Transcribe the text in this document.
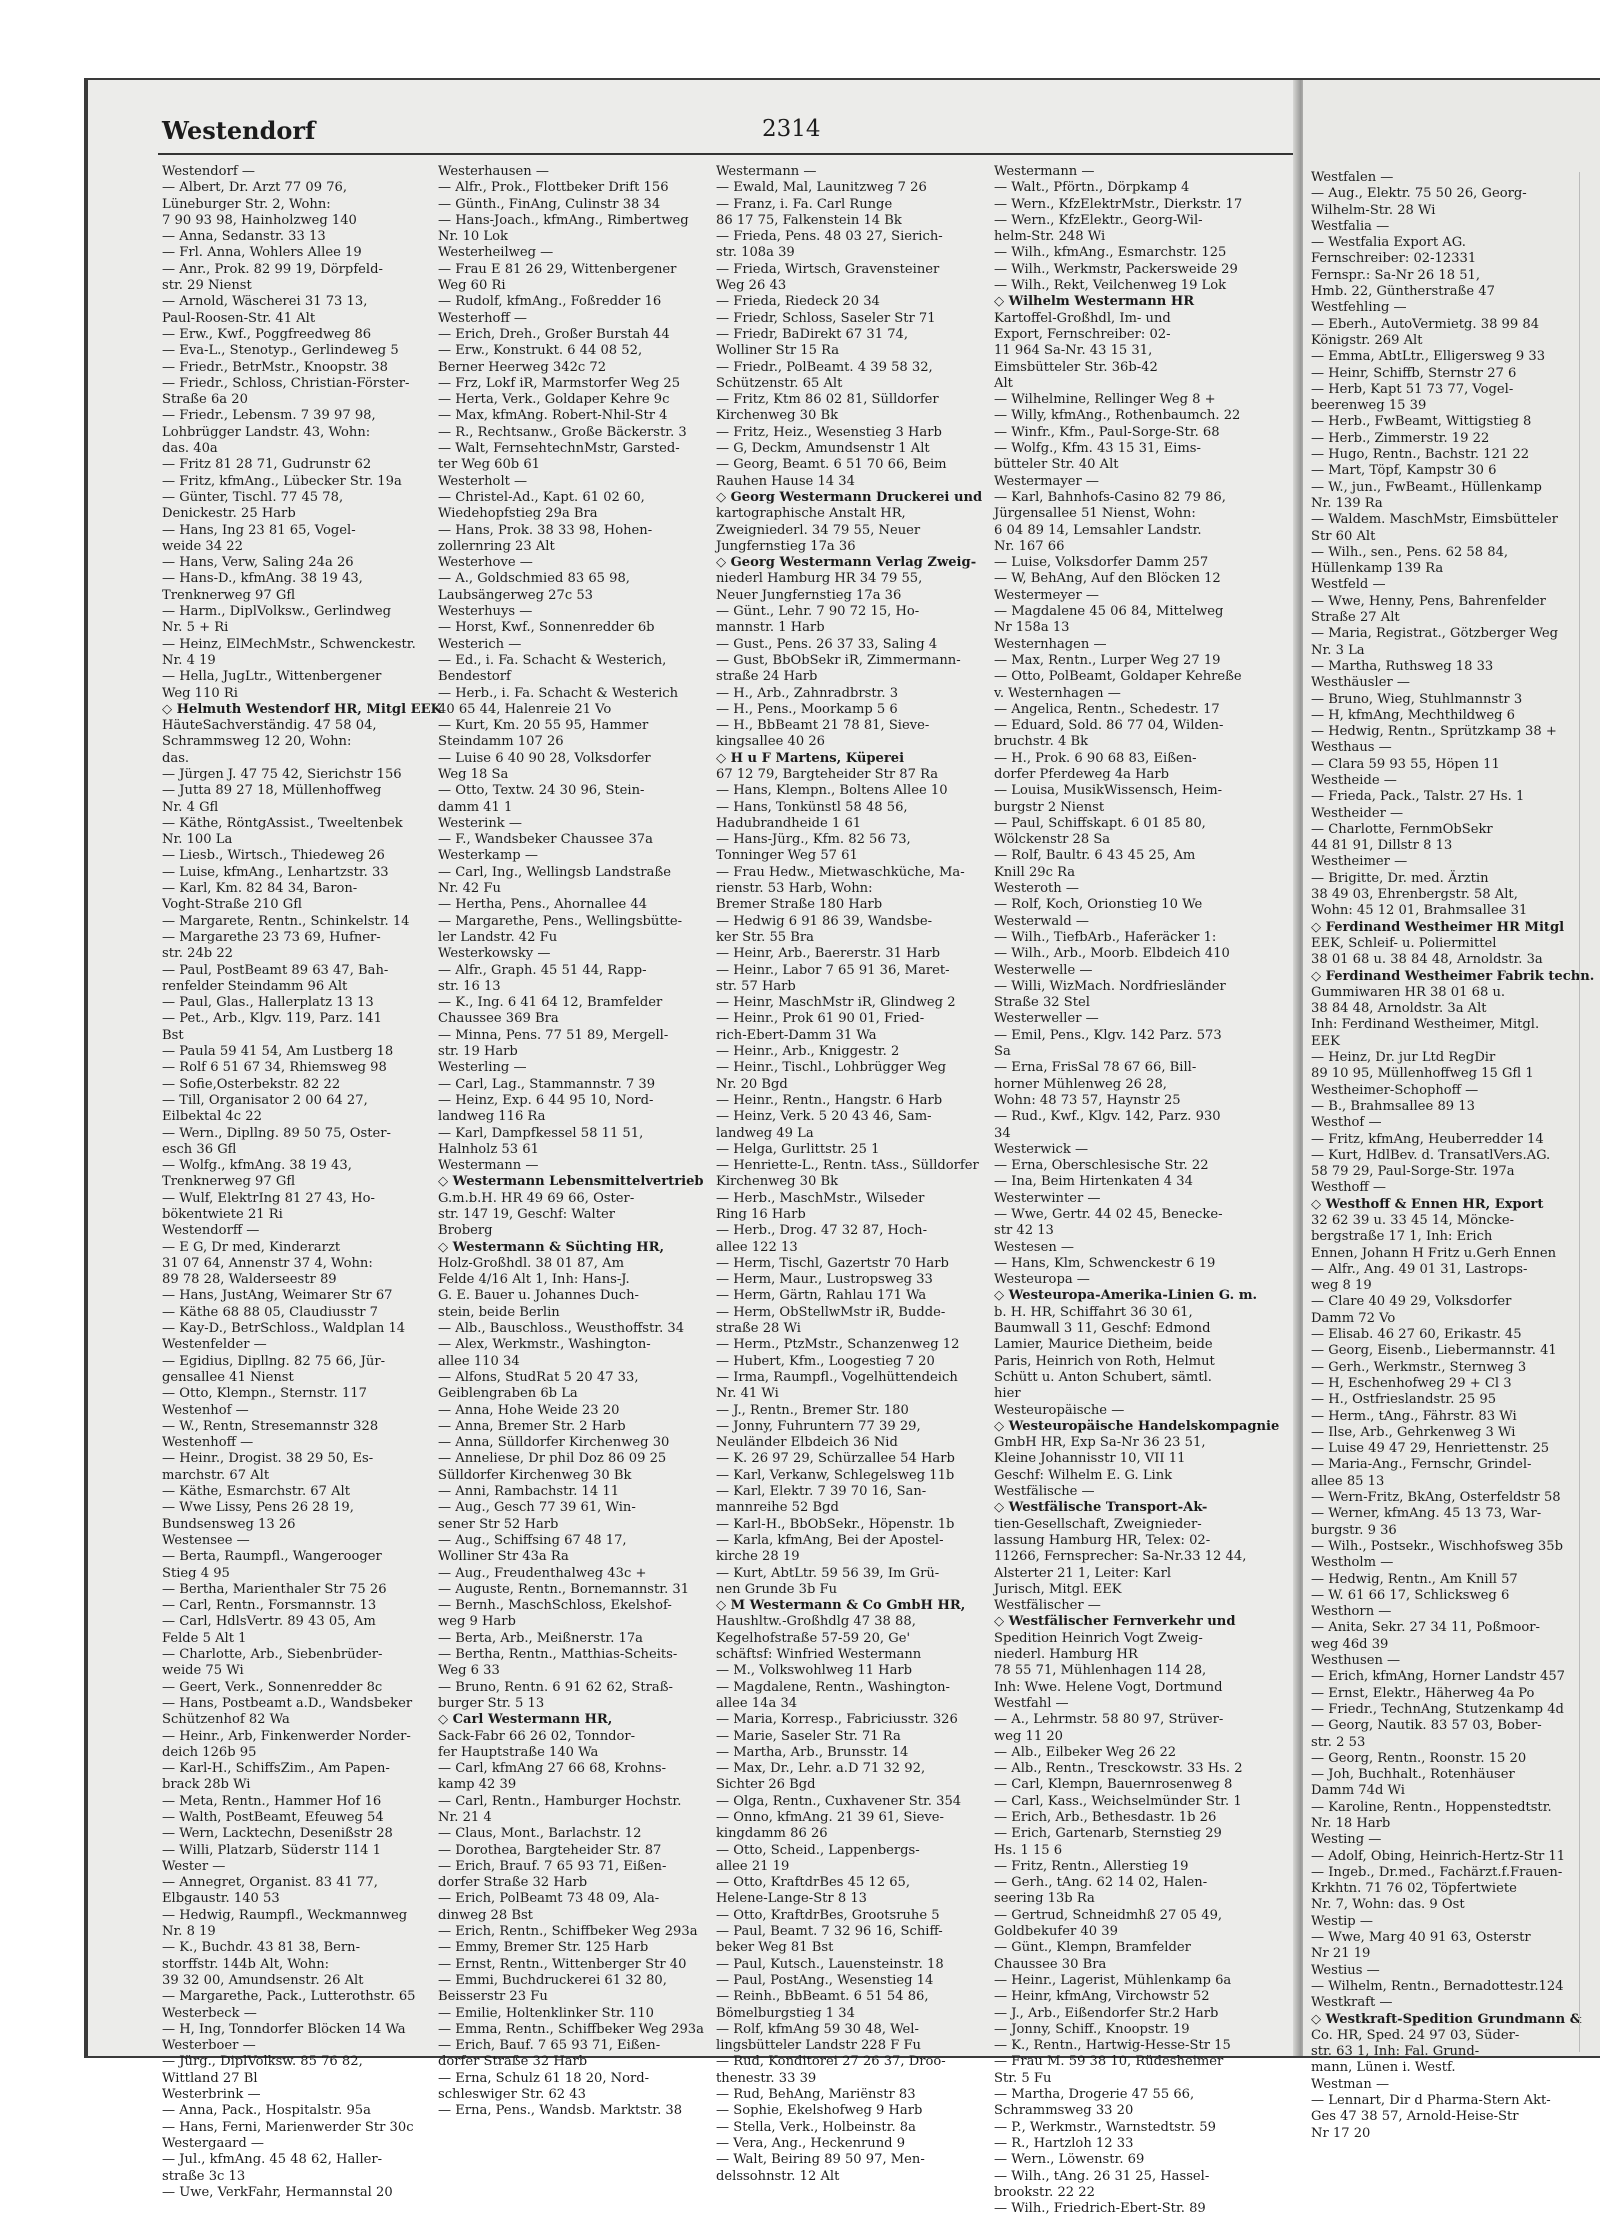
Westendorf	2314
Westendorf —
— Albert, Dr. Arzt 77 09 76,
Lüneburger Str. 2, Wohn:
7 90 93 98, Hainholzweg 140
— Anna, Sedanstr. 33 13
— Frl. Anna, Wohlers Allee 19
— Anr., Prok. 82 99 19, Dörpfeld-
str. 29 Nienst
— Arnold, Wäscherei 31 73 13,
Paul-Roosen-Str. 41 Alt
— Erw., Kwf., Poggfreedweg 86
— Eva-L., Stenotyp., Gerlindeweg 5
— Friedr., BetrMstr., Knoopstr. 38
— Friedr., Schloss, Christian-Förster-
Straße 6a 20
— Friedr., Lebensm. 7 39 97 98,
Lohbrügger Landstr. 43, Wohn:
das. 40a
— Fritz 81 28 71, Gudrunstr 62
— Fritz, kfmAng., Lübecker Str. 19a
— Günter, Tischl. 77 45 78,
Denickestr. 25 Harb
— Hans, Ing 23 81 65, Vogel-
weide 34 22
— Hans, Verw, Saling 24a 26
— Hans-D., kfmAng. 38 19 43,
Trenknerweg 97 Gfl
— Harm., DiplVolksw., Gerlindweg
Nr. 5 + Ri
— Heinz, ElMechMstr., Schwenckestr.
Nr. 4 19
— Hella, JugLtr., Wittenbergener
Weg 110 Ri
◇ Helmuth Westendorf HR, Mitgl EEK
HäuteSachverständig. 47 58 04,
Schrammsweg 12 20, Wohn:
das.
— Jürgen J. 47 75 42, Sierichstr 156
— Jutta 89 27 18, Müllenhoffweg
Nr. 4 Gfl
— Käthe, RöntgAssist., Tweeltenbek
Nr. 100 La
— Liesb., Wirtsch., Thiedeweg 26
— Luise, kfmAng., Lenhartzstr. 33
— Karl, Km. 82 84 34, Baron-
Voght-Straße 210 Gfl
— Margarete, Rentn., Schinkelstr. 14
— Margarethe 23 73 69, Hufner-
str. 24b 22
— Paul, PostBeamt 89 63 47, Bah-
renfelder Steindamm 96 Alt
— Paul, Glas., Hallerplatz 13 13
— Pet., Arb., Klgv. 119, Parz. 141
Bst
— Paula 59 41 54, Am Lustberg 18
— Rolf 6 51 67 34, Rhiemsweg 98
— Sofie,Osterbekstr. 82 22
— Till, Organisator 2 00 64 27,
Eilbektal 4c 22
— Wern., Dipllng. 89 50 75, Oster-
esch 36 Gfl
— Wolfg., kfmAng. 38 19 43,
Trenknerweg 97 Gfl
— Wulf, ElektrIng 81 27 43, Ho-
bökentwiete 21 Ri
Westendorff —
— E G, Dr med, Kinderarzt
31 07 64, Annenstr 37 4, Wohn:
89 78 28, Walderseestr 89
— Hans, JustAng, Weimarer Str 67
— Käthe 68 88 05, Claudiusstr 7
— Kay-D., BetrSchloss., Waldplan 14
Westenfelder —
— Egidius, Dipllng. 82 75 66, Jür-
gensallee 41 Nienst
— Otto, Klempn., Sternstr. 117
Westenhof —
— W., Rentn, Stresemannstr 328
Westenhoff —
— Heinr., Drogist. 38 29 50, Es-
marchstr. 67 Alt
— Käthe, Esmarchstr. 67 Alt
— Wwe Lissy, Pens 26 28 19,
Bundsensweg 13 26
Westensee —
— Berta, Raumpfl., Wangerooger
Stieg 4 95
— Bertha, Marienthaler Str 75 26
— Carl, Rentn., Forsmannstr. 13
— Carl, HdlsVertr. 89 43 05, Am
Felde 5 Alt 1
— Charlotte, Arb., Siebenbrüder-
weide 75 Wi
— Geert, Verk., Sonnenredder 8c
— Hans, Postbeamt a.D., Wandsbeker
Schützenhof 82 Wa
— Heinr., Arb, Finkenwerder Norder-
deich 126b 95
— Karl-H., SchiffsZim., Am Papen-
brack 28b Wi
— Meta, Rentn., Hammer Hof 16
— Walth, PostBeamt, Efeuweg 54
— Wern, Lacktechn, Desenißstr 28
— Willi, Platzarb, Süderstr 114 1
Wester —
— Annegret, Organist. 83 41 77,
Elbgaustr. 140 53
— Hedwig, Raumpfl., Weckmannweg
Nr. 8 19
— K., Buchdr. 43 81 38, Bern-
storffstr. 144b Alt, Wohn:
39 32 00, Amundsenstr. 26 Alt
— Margarethe, Pack., Lutterothstr. 65
Westerbeck —
— H, Ing, Tonndorfer Blöcken 14 Wa
Westerboer —
— Jürg., DiplVolksw. 85 76 82,
Wittland 27 Bl
Westerbrink —
— Anna, Pack., Hospitalstr. 95a
— Hans, Ferni, Marienwerder Str 30c
Westergaard —
— Jul., kfmAng. 45 48 62, Haller-
straße 3c 13
— Uwe, VerkFahr, Hermannstal 20
Westerhausen —
— Alfr., Prok., Flottbeker Drift 156
— Günth., FinAng, Culinstr 38 34
— Hans-Joach., kfmAng., Rimbertweg
Nr. 10 Lok
Westerheilweg —
— Frau E 81 26 29, Wittenbergener
Weg 60 Ri
— Rudolf, kfmAng., Foßredder 16
Westerhoff —
— Erich, Dreh., Großer Burstah 44
— Erw., Konstrukt. 6 44 08 52,
Berner Heerweg 342c 72
— Frz, Lokf iR, Marmstorfer Weg 25
— Herta, Verk., Goldaper Kehre 9c
— Max, kfmAng. Robert-Nhil-Str 4
— R., Rechtsanw., Große Bäckerstr. 3
— Walt, FernsehtechnMstr, Garsted-
ter Weg 60b 61
Westerholt —
— Christel-Ad., Kapt. 61 02 60,
Wiedehopfstieg 29a Bra
— Hans, Prok. 38 33 98, Hohen-
zollernring 23 Alt
Westerhove —
— A., Goldschmied 83 65 98,
Laubsängerweg 27c 53
Westerhuys —
— Horst, Kwf., Sonnenredder 6b
Westerich —
— Ed., i. Fa. Schacht & Westerich,
Bendestorf
— Herb., i. Fa. Schacht & Westerich
40 65 44, Halenreie 21 Vo
— Kurt, Km. 20 55 95, Hammer
Steindamm 107 26
— Luise 6 40 90 28, Volksdorfer
Weg 18 Sa
— Otto, Textw. 24 30 96, Stein-
damm 41 1
Westerink —
— F., Wandsbeker Chaussee 37a
Westerkamp —
— Carl, Ing., Wellingsb Landstraße
Nr. 42 Fu
— Hertha, Pens., Ahornallee 44
— Margarethe, Pens., Wellingsbütte-
ler Landstr. 42 Fu
Westerkowsky —
— Alfr., Graph. 45 51 44, Rapp-
str. 16 13
— K., Ing. 6 41 64 12, Bramfelder
Chaussee 369 Bra
— Minna, Pens. 77 51 89, Mergell-
str. 19 Harb
Westerling —
— Carl, Lag., Stammannstr. 7 39
— Heinz, Exp. 6 44 95 10, Nord-
landweg 116 Ra
— Karl, Dampfkessel 58 11 51,
Halnholz 53 61
Westermann —
◇ Westermann Lebensmittelvertrieb
G.m.b.H. HR 49 69 66, Oster-
str. 147 19, Geschf: Walter
Broberg
◇ Westermann & Süchting HR,
Holz-Großhdl. 38 01 87, Am
Felde 4/16 Alt 1, Inh: Hans-J.
G. E. Bauer u. Johannes Duch-
stein, beide Berlin
— Alb., Bauschloss., Weusthoffstr. 34
— Alex, Werkmstr., Washington-
allee 110 34
— Alfons, StudRat 5 20 47 33,
Geiblengraben 6b La
— Anna, Hohe Weide 23 20
— Anna, Bremer Str. 2 Harb
— Anna, Sülldorfer Kirchenweg 30
— Anneliese, Dr phil Doz 86 09 25
Sülldorfer Kirchenweg 30 Bk
— Anni, Rambachstr. 14 11
— Aug., Gesch 77 39 61, Win-
sener Str 52 Harb
— Aug., Schiffsing 67 48 17,
Wolliner Str 43a Ra
— Aug., Freudenthalweg 43c +
— Auguste, Rentn., Bornemannstr. 31
— Bernh., MaschSchloss, Ekelshof-
weg 9 Harb
— Berta, Arb., Meißnerstr. 17a
— Bertha, Rentn., Matthias-Scheits-
Weg 6 33
— Bruno, Rentn. 6 91 62 62, Straß-
burger Str. 5 13
◇ Carl Westermann HR,
Sack-Fabr 66 26 02, Tonndor-
fer Hauptstraße 140 Wa
— Carl, kfmAng 27 66 68, Krohns-
kamp 42 39
— Carl, Rentn., Hamburger Hochstr.
Nr. 21 4
— Claus, Mont., Barlachstr. 12
— Dorothea, Bargteheider Str. 87
— Erich, Brauf. 7 65 93 71, Eißen-
dorfer Straße 32 Harb
— Erich, PolBeamt 73 48 09, Ala-
dinweg 28 Bst
— Erich, Rentn., Schiffbeker Weg 293a
— Emmy, Bremer Str. 125 Harb
— Ernst, Rentn., Wittenberger Str 40
— Emmi, Buchdruckerei 61 32 80,
Beisserstr 23 Fu
— Emilie, Holtenklinker Str. 110
— Emma, Rentn., Schiffbeker Weg 293a
— Erich, Bauf. 7 65 93 71, Eißen-
dorfer Straße 32 Harb
— Erna, Schulz 61 18 20, Nord-
schleswiger Str. 62 43
— Erna, Pens., Wandsb. Marktstr. 38
Westermann —
— Ewald, Mal, Launitzweg 7 26
— Franz, i. Fa. Carl Runge
86 17 75, Falkenstein 14 Bk
— Frieda, Pens. 48 03 27, Sierich-
str. 108a 39
— Frieda, Wirtsch, Gravensteiner
Weg 26 43
— Frieda, Riedeck 20 34
— Friedr, Schloss, Saseler Str 71
— Friedr, BaDirekt 67 31 74,
Wolliner Str 15 Ra
— Friedr., PolBeamt. 4 39 58 32,
Schützenstr. 65 Alt
— Fritz, Ktm 86 02 81, Sülldorfer
Kirchenweg 30 Bk
— Fritz, Heiz., Wesenstieg 3 Harb
— G, Deckm, Amundsenstr 1 Alt
— Georg, Beamt. 6 51 70 66, Beim
Rauhen Hause 14 34
◇ Georg Westermann Druckerei und
kartographische Anstalt HR,
Zweigniederl. 34 79 55, Neuer
Jungfernstieg 17a 36
◇ Georg Westermann Verlag Zweig-
niederl Hamburg HR 34 79 55,
Neuer Jungfernstieg 17a 36
— Günt., Lehr. 7 90 72 15, Ho-
mannstr. 1 Harb
— Gust., Pens. 26 37 33, Saling 4
— Gust, BbObSekr iR, Zimmermann-
straße 24 Harb
— H., Arb., Zahnradbrstr. 3
— H., Pens., Moorkamp 5 6
— H., BbBeamt 21 78 81, Sieve-
kingsallee 40 26
◇ H u F Martens, Küperei
67 12 79, Bargteheider Str 87 Ra
— Hans, Klempn., Boltens Allee 10
— Hans, Tonkünstl 58 48 56,
Hadubrandheide 1 61
— Hans-Jürg., Kfm. 82 56 73,
Tonninger Weg 57 61
— Frau Hedw., Mietwaschküche, Ma-
rienstr. 53 Harb, Wohn:
Bremer Straße 180 Harb
— Hedwig 6 91 86 39, Wandsbe-
ker Str. 55 Bra
— Heinr, Arb., Baererstr. 31 Harb
— Heinr., Labor 7 65 91 36, Maret-
str. 57 Harb
— Heinr, MaschMstr iR, Glindweg 2
— Heinr., Prok 61 90 01, Fried-
rich-Ebert-Damm 31 Wa
— Heinr., Arb., Kniggestr. 2
— Heinr., Tischl., Lohbrügger Weg
Nr. 20 Bgd
— Heinr., Rentn., Hangstr. 6 Harb
— Heinz, Verk. 5 20 43 46, Sam-
landweg 49 La
— Helga, Gurlittstr. 25 1
— Henriette-L., Rentn. tAss., Sülldorfer
Kirchenweg 30 Bk
— Herb., MaschMstr., Wilseder
Ring 16 Harb
— Herb., Drog. 47 32 87, Hoch-
allee 122 13
— Herm, Tischl, Gazertstr 70 Harb
— Herm, Maur., Lustropsweg 33
— Herm, Gärtn, Rahlau 171 Wa
— Herm, ObStellwMstr iR, Budde-
straße 28 Wi
— Herm., PtzMstr., Schanzenweg 12
— Hubert, Kfm., Loogestieg 7 20
— Irma, Raumpfl., Vogelhüttendeich
Nr. 41 Wi
— J., Rentn., Bremer Str. 180
— Jonny, Fuhruntern 77 39 29,
Neuländer Elbdeich 36 Nid
— K. 26 97 29, Schürzallee 54 Harb
— Karl, Verkanw, Schlegelsweg 11b
— Karl, Elektr. 7 39 70 16, San-
mannreihe 52 Bgd
— Karl-H., BbObSekr., Höpenstr. 1b
— Karla, kfmAng, Bei der Apostel-
kirche 28 19
— Kurt, AbtLtr. 59 56 39, Im Grü-
nen Grunde 3b Fu
◇ M Westermann & Co GmbH HR,
Haushltw.-Großhdlg 47 38 88,
Kegelhofstraße 57-59 20, Ge'
schäftsf: Winfried Westermann
— M., Volkswohlweg 11 Harb
— Magdalene, Rentn., Washington-
allee 14a 34
— Maria, Korresp., Fabriciusstr. 326
— Marie, Saseler Str. 71 Ra
— Martha, Arb., Brunsstr. 14
— Max, Dr., Lehr. a.D 71 32 92,
Sichter 26 Bgd
— Olga, Rentn., Cuxhavener Str. 354
— Onno, kfmAng. 21 39 61, Sieve-
kingdamm 86 26
— Otto, Scheid., Lappenbergs-
allee 21 19
— Otto, KraftdrBes 45 12 65,
Helene-Lange-Str 8 13
— Otto, KraftdrBes, Grootsruhe 5
— Paul, Beamt. 7 32 96 16, Schiff-
beker Weg 81 Bst
— Paul, Kutsch., Lauensteinstr. 18
— Paul, PostAng., Wesenstieg 14
— Reinh., BbBeamt. 6 51 54 86,
Bömelburgstieg 1 34
— Rolf, kfmAng 59 30 48, Wel-
lingsbütteler Landstr 228 F Fu
— Rud, Konditorei 27 26 37, Droo-
thenestr. 33 39
— Rud, BehAng, Mariënstr 83
— Sophie, Ekelshofweg 9 Harb
— Stella, Verk., Holbeinstr. 8a
— Vera, Ang., Heckenrund 9
— Walt, Beiring 89 50 97, Men-
delssohnstr. 12 Alt
Westermann —
— Walt., Pförtn., Dörpkamp 4
— Wern., KfzElektrMstr., Dierkstr. 17
— Wern., KfzElektr., Georg-Wil-
helm-Str. 248 Wi
— Wilh., kfmAng., Esmarchstr. 125
— Wilh., Werkmstr, Packersweide 29
— Wilh., Rekt, Veilchenweg 19 Lok
◇ Wilhelm Westermann HR
Kartoffel-Großhdl, Im- und
Export, Fernschreiber: 02-
11 964 Sa-Nr. 43 15 31,
Eimsbütteler Str. 36b-42
Alt
— Wilhelmine, Rellinger Weg 8 +
— Willy, kfmAng., Rothenbaumch. 22
— Winfr., Kfm., Paul-Sorge-Str. 68
— Wolfg., Kfm. 43 15 31, Eims-
bütteler Str. 40 Alt
Westermayer —
— Karl, Bahnhofs-Casino 82 79 86,
Jürgensallee 51 Nienst, Wohn:
6 04 89 14, Lemsahler Landstr.
Nr. 167 66
— Luise, Volksdorfer Damm 257
— W, BehAng, Auf den Blöcken 12
Westermeyer —
— Magdalene 45 06 84, Mittelweg
Nr 158a 13
Westernhagen —
— Max, Rentn., Lurper Weg 27 19
— Otto, PolBeamt, Goldaper Kehreße
v. Westernhagen —
— Angelica, Rentn., Schedestr. 17
— Eduard, Sold. 86 77 04, Wilden-
bruchstr. 4 Bk
— H., Prok. 6 90 68 83, Eißen-
dorfer Pferdeweg 4a Harb
— Louisa, MusikWissensch, Heim-
burgstr 2 Nienst
— Paul, Schiffskapt. 6 01 85 80,
Wölckenstr 28 Sa
— Rolf, Baultr. 6 43 45 25, Am
Knill 29c Ra
Westeroth —
— Rolf, Koch, Orionstieg 10 We
Westerwald —
— Wilh., TiefbArb., Haferäcker 1:
— Wilh., Arb., Moorb. Elbdeich 410
Westerwelle —
— Willi, WizMach. Nordfriesländer
Straße 32 Stel
Westerweller —
— Emil, Pens., Klgv. 142 Parz. 573
Sa
— Erna, FrisSal 78 67 66, Bill-
horner Mühlenweg 26 28,
Wohn: 48 73 57, Haynstr 25
— Rud., Kwf., Klgv. 142, Parz. 930
34
Westerwick —
— Erna, Oberschlesische Str. 22
— Ina, Beim Hirtenkaten 4 34
Westerwinter —
— Wwe, Gertr. 44 02 45, Benecke-
str 42 13
Westesen —
— Hans, Klm, Schwenckestr 6 19
Westeuropa —
◇ Westeuropa-Amerika-Linien G. m.
b. H. HR, Schiffahrt 36 30 61,
Baumwall 3 11, Geschf: Edmond
Lamier, Maurice Dietheim, beide
Paris, Heinrich von Roth, Helmut
Schütt u. Anton Schubert, sämtl.
hier
Westeuropäische —
◇ Westeuropäische Handelskompagnie
GmbH HR, Exp Sa-Nr 36 23 51,
Kleine Johannisstr 10, VII 11
Geschf: Wilhelm E. G. Link
Westfälische —
◇ Westfälische Transport-Ak-
tien-Gesellschaft, Zweignieder-
lassung Hamburg HR, Telex: 02-
11266, Fernsprecher: Sa-Nr.33 12 44,
Alsterter 21 1, Leiter: Karl
Jurisch, Mitgl. EEK
Westfälischer —
◇ Westfälischer Fernverkehr und
Spedition Heinrich Vogt Zweig-
niederl. Hamburg HR
78 55 71, Mühlenhagen 114 28,
Inh: Wwe. Helene Vogt, Dortmund
Westfahl —
— A., Lehrmstr. 58 80 97, Strüver-
weg 11 20
— Alb., Eilbeker Weg 26 22
— Alb., Rentn., Tresckowstr. 33 Hs. 2
— Carl, Klempn, Bauernrosenweg 8
— Carl, Kass., Weichselmünder Str. 1
— Erich, Arb., Bethesdastr. 1b 26
— Erich, Gartenarb, Sternstieg 29
Hs. 1 15 6
— Fritz, Rentn., Allerstieg 19
— Gerh., tAng. 62 14 02, Halen-
seering 13b Ra
— Gertrud, Schneidmhß 27 05 49,
Goldbekufer 40 39
— Günt., Klempn, Bramfelder
Chaussee 30 Bra
— Heinr., Lagerist, Mühlenkamp 6a
— Heinr, kfmAng, Virchowstr 52
— J., Arb., Eißendorfer Str.2 Harb
— Jonny, Schiff., Knoopstr. 19
— K., Rentn., Hartwig-Hesse-Str 15
— Frau M. 59 38 10, Rüdesheimer
Str. 5 Fu
— Martha, Drogerie 47 55 66,
Schrammsweg 33 20
— P., Werkmstr., Warnstedtstr. 59
— R., Hartzloh 12 33
— Wern., Löwenstr. 69
— Wilh., tAng. 26 31 25, Hassel-
brookstr. 22 22
— Wilh., Friedrich-Ebert-Str. 89
Westfalen —
— Aug., Elektr. 75 50 26, Georg-
Wilhelm-Str. 28 Wi
Westfalia —
— Westfalia Export AG.
Fernschreiber: 02-12331
Fernspr.: Sa-Nr 26 18 51,
Hmb. 22, Güntherstraße 47
Westfehling —
— Eberh., AutoVermietg. 38 99 84
Königstr. 269 Alt
— Emma, AbtLtr., Elligersweg 9 33
— Heinr, Schiffb, Sternstr 27 6
— Herb, Kapt 51 73 77, Vogel-
beerenweg 15 39
— Herb., FwBeamt, Wittigstieg 8
— Herb., Zimmerstr. 19 22
— Hugo, Rentn., Bachstr. 121 22
— Mart, Töpf, Kampstr 30 6
— W., jun., FwBeamt., Hüllenkamp
Nr. 139 Ra
— Waldem. MaschMstr, Eimsbütteler
Str 60 Alt
— Wilh., sen., Pens. 62 58 84,
Hüllenkamp 139 Ra
Westfeld —
— Wwe, Henny, Pens, Bahrenfelder
Straße 27 Alt
— Maria, Registrat., Götzberger Weg
Nr. 3 La
— Martha, Ruthsweg 18 33
Westhäusler —
— Bruno, Wieg, Stuhlmannstr 3
— H, kfmAng, Mechthildweg 6
— Hedwig, Rentn., Sprützkamp 38 +
Westhaus —
— Clara 59 93 55, Höpen 11
Westheide —
— Frieda, Pack., Talstr. 27 Hs. 1
Westheider —
— Charlotte, FernmObSekr
44 81 91, Dillstr 8 13
Westheimer —
— Brigitte, Dr. med. Ärztin
38 49 03, Ehrenbergstr. 58 Alt,
Wohn: 45 12 01, Brahmsallee 31
◇ Ferdinand Westheimer HR Mitgl
EEK, Schleif- u. Poliermittel
38 01 68 u. 38 84 48, Arnoldstr. 3a
◇ Ferdinand Westheimer Fabrik techn.
Gummiwaren HR 38 01 68 u.
38 84 48, Arnoldstr. 3a Alt
Inh: Ferdinand Westheimer, Mitgl.
EEK
— Heinz, Dr. jur Ltd RegDir
89 10 95, Müllenhoffweg 15 Gfl 1
Westheimer-Schophoff —
— B., Brahmsallee 89 13
Westhof —
— Fritz, kfmAng, Heuberredder 14
— Kurt, HdlBev. d. TransatlVers.AG.
58 79 29, Paul-Sorge-Str. 197a
Westhoff —
◇ Westhoff & Ennen HR, Export
32 62 39 u. 33 45 14, Mönckе-
bergstraße 17 1, Inh: Erich
Ennen, Johann H Fritz u.Gerh Ennen
— Alfr., Ang. 49 01 31, Lastrops-
weg 8 19
— Clare 40 49 29, Volksdorfer
Damm 72 Vo
— Elisab. 46 27 60, Erikastr. 45
— Georg, Eisenb., Liebermannstr. 41
— Gerh., Werkmstr., Sternweg 3
— H, Eschenhofweg 29 + Cl 3
— H., Ostfrieslandstr. 25 95
— Herm., tAng., Fährstr. 83 Wi
— Ilse, Arb., Gehrkenweg 3 Wi
— Luise 49 47 29, Henriettenstr. 25
— Maria-Ang., Fernschr, Grindel-
allee 85 13
— Wern-Fritz, BkAng, Osterfeldstr 58
— Werner, kfmAng. 45 13 73, War-
burgstr. 9 36
— Wilh., Postsekr., Wischhofsweg 35b
Westholm —
— Hedwig, Rentn., Am Knill 57
— W. 61 66 17, Schlicksweg 6
Westhorn —
— Anita, Sekr. 27 34 11, Poßmoor-
weg 46d 39
Westhusen —
— Erich, kfmAng, Horner Landstr 457
— Ernst, Elektr., Häherweg 4a Po
— Friedr., TechnAng, Stutzenkamp 4d
— Georg, Nautik. 83 57 03, Bober-
str. 2 53
— Georg, Rentn., Roonstr. 15 20
— Joh, Buchhalt., Rotenhäuser
Damm 74d Wi
— Karoline, Rentn., Hoppenstedtstr.
Nr. 18 Harb
Westing —
— Adolf, Obing, Heinrich-Hertz-Str 11
— Ingeb., Dr.med., Fachärzt.f.Frauen-
Krkhtn. 71 76 02, Töpfertwiete
Nr. 7, Wohn: das. 9 Ost
Westip —
— Wwe, Marg 40 91 63, Osterstr
Nr 21 19
Westius —
— Wilhelm, Rentn., Bernadottestr.124
Westkraft —
◇ Westkraft-Spedition Grundmann &
Co. HR, Sped. 24 97 03, Süder-
str. 63 1, Inh: Fal. Grund-
mann, Lünen i. Westf.
Westman —
— Lennart, Dir d Pharma-Stern Akt-
Ges 47 38 57, Arnold-Heise-Str
Nr 17 20
